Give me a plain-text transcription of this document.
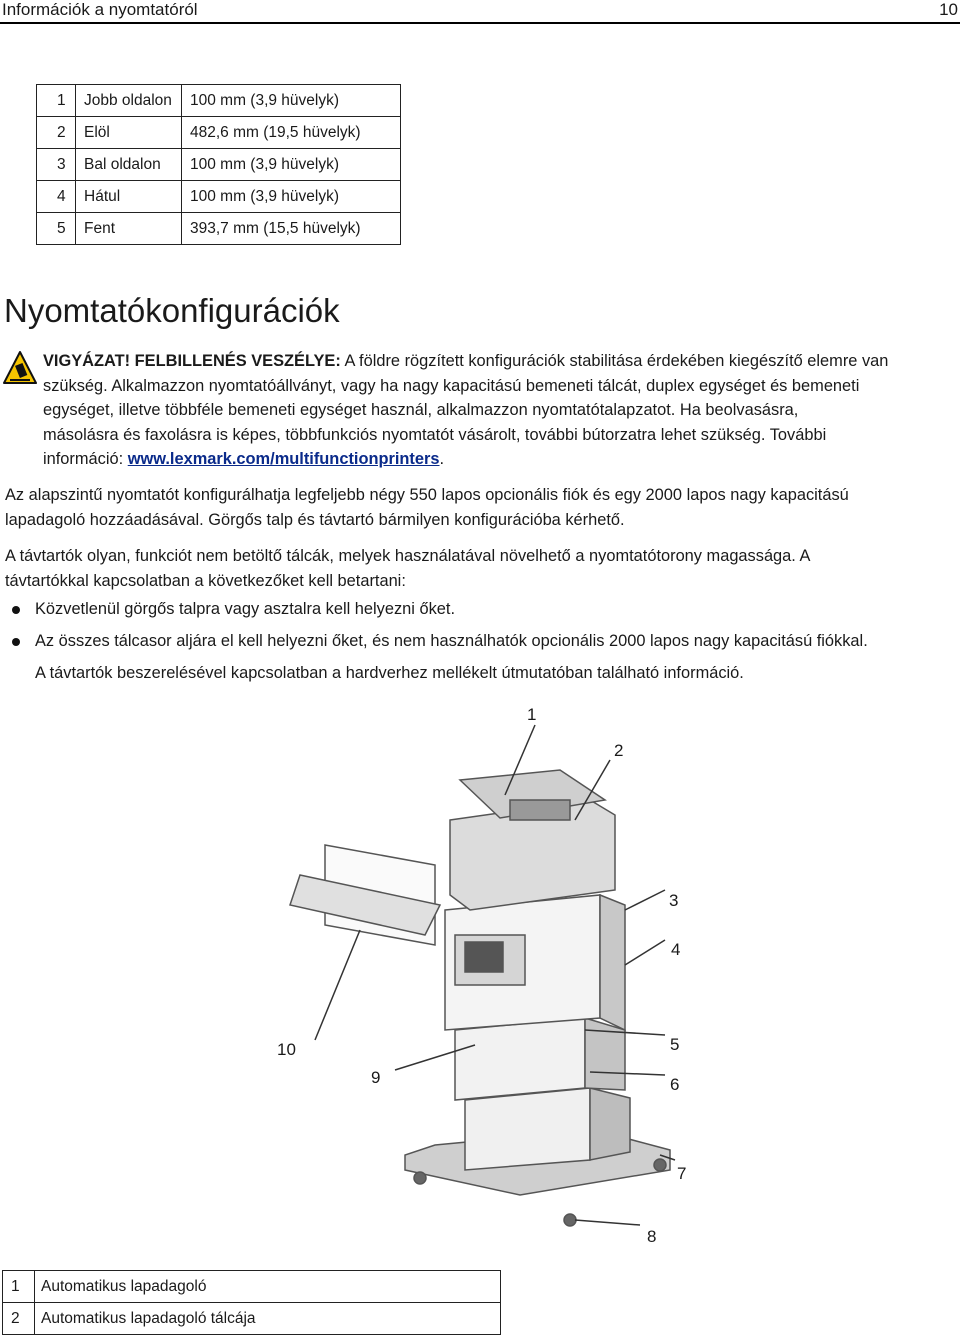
Információk a nyomtatóról	10
1	Jobb oldalon	100 mm (3,9 hüvelyk)
2	Elöl	482,6 mm (19,5 hüvelyk)
3	Bal oldalon	100 mm (3,9 hüvelyk)
4	Hátul	100 mm (3,9 hüvelyk)
5	Fent	393,7 mm (15,5 hüvelyk)
Nyomtatókonfigurációk
VIGYÁZAT! FELBILLENÉS VESZÉLYE: A földre rögzített konfigurációk stabilitása érdekében kiegészítő elemre van
szükség. Alkalmazzon nyomtatóállványt, vagy ha nagy kapacitású bemeneti tálcát, duplex egységet és bemeneti
egységet, illetve többféle bemeneti egységet használ, alkalmazzon nyomtatótalapzatot. Ha beolvasásra,
másolásra és faxolásra is képes, többfunkciós nyomtatót vásárolt, további bútorzatra lehet szükség. További
információ: www.lexmark.com/multifunctionprinters.

Az alapszintű nyomtatót konfigurálhatja legfeljebb négy 550 lapos opcionális fiók és egy 2000 lapos nagy kapacitású
lapadagoló hozzáadásával. Görgős talp és távtartó bármilyen konfigurációba kérhető.

A távtartók olyan, funkciót nem betöltő tálcák, melyek használatával növelhető a nyomtatótorony magassága. A
távtartókkal kapcsolatban a következőket kell betartani:

Közvetlenül görgős talpra vagy asztalra kell helyezni őket.
Az összes tálcasor aljára el kell helyezni őket, és nem használhatók opcionális 2000 lapos nagy kapacitású fiókkal.
A távtartók beszerelésével kapcsolatban a hardverhez mellékelt útmutatóban található információ.
1
2
3
4
5
6
7
8
9
10
1	Automatikus lapadagoló
2	Automatikus lapadagoló tálcája
